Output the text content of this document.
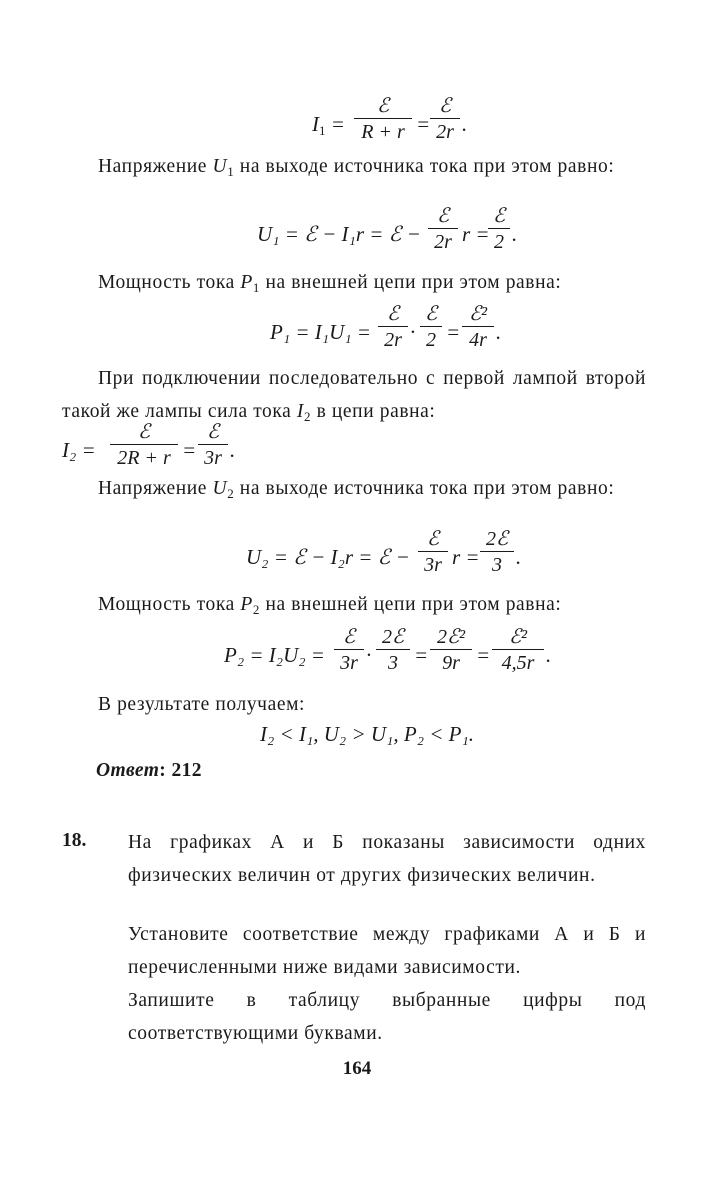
$I_1$ =
ℰ
R + r =
ℰ
2r .
Напряжение $U_1$ на выходе источника тока при этом равно:
U₁ = ℰ − I₁r = ℰ −
ℰ
2r r =
ℰ
2 .
Мощность тока $P_1$ на внешней цепи при этом равна:
P₁ = I₁U₁ =
ℰ
2r ·
ℰ
2 =
ℰ²
4r .
При подключении последовательно с первой лампой второй такой же лампы сила тока $I_2$ в цепи равна:
I₂ =
ℰ
2R + r =
ℰ
3r .
Напряжение $U_2$ на выходе источника тока при этом равно:
U₂ = ℰ − I₂r = ℰ −
ℰ
3r r =
2ℰ
3 .
Мощность тока $P_2$ на внешней цепи при этом равна:
P₂ = I₂U₂ =
ℰ
3r ·
2ℰ
3 =
2ℰ²
9r =
ℰ²
4,5r .
В результате получаем:
I₂ < I₁, U₂ > U₁, P₂ < P₁.
Ответ: 212
18. На графиках А и Б показаны зависимости одних физических величин от других физических величин.
Установите соответствие между графиками А и Б и перечисленными ниже видами зависимости.
Запишите в таблицу выбранные цифры под соответствующими буквами.
164
